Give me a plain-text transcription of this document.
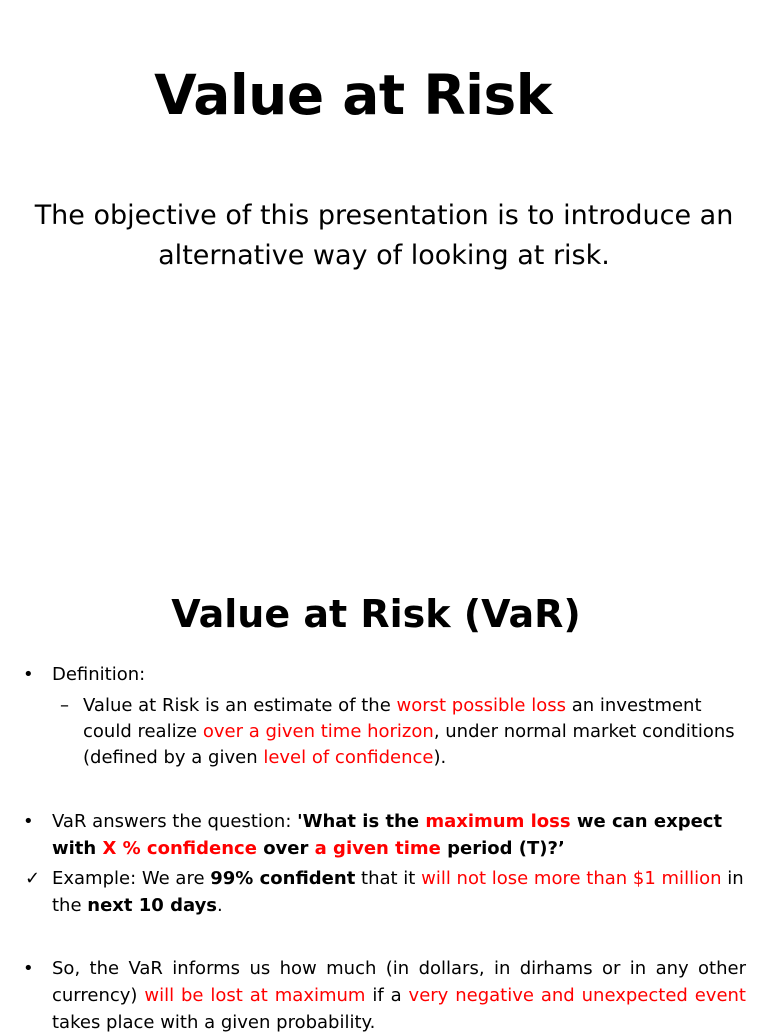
Value at Risk
The objective of this presentation is to introduce an alternative way of looking at risk.
Value at Risk (VaR)
• Definition:
– Value at Risk is an estimate of the worst possible loss an investment could realize over a given time horizon, under normal market conditions (defined by a given level of confidence).
• VaR answers the question: 'What is the maximum loss we can expect with X % confidence over a given time period (T)?’
✓ Example: We are 99% confident that it will not lose more than $1 million in the next 10 days.
• So, the VaR informs us how much (in dollars, in dirhams or in any other currency) will be lost at maximum if a very negative and unexpected event takes place with a given probability.
